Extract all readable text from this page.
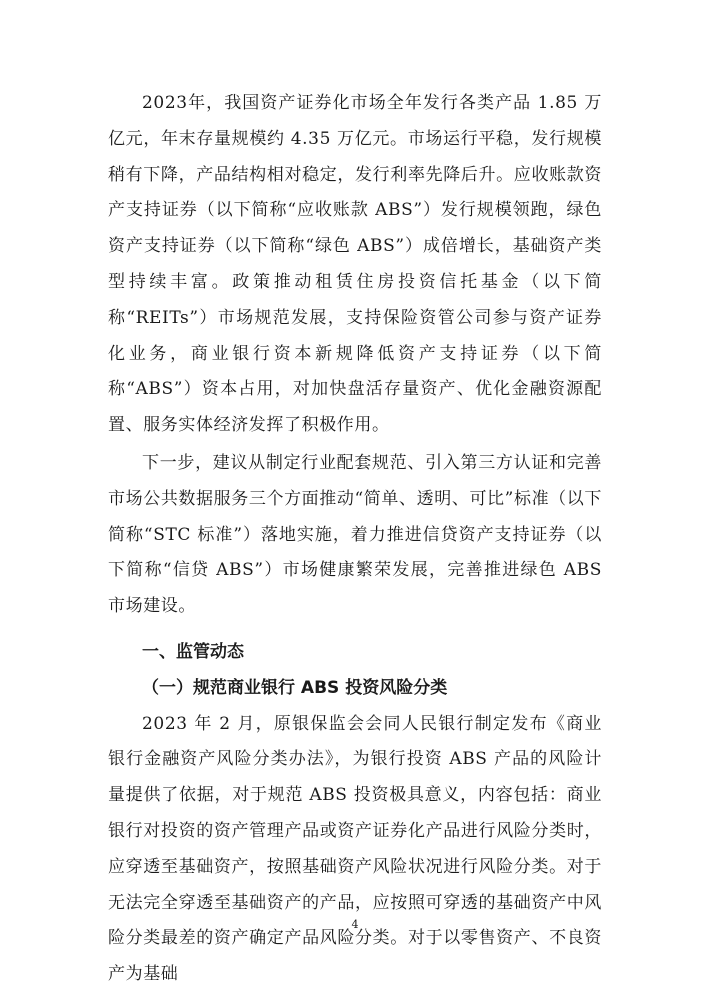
2023年，我国资产证券化市场全年发行各类产品 1.85 万亿元，年末存量规模约 4.35 万亿元。市场运行平稳，发行规模稍有下降，产品结构相对稳定，发行利率先降后升。应收账款资产支持证券（以下简称“应收账款 ABS”）发行规模领跑，绿色资产支持证券（以下简称“绿色 ABS”）成倍增长，基础资产类型持续丰富。政策推动租赁住房投资信托基金（以下简称“REITs”）市场规范发展，支持保险资管公司参与资产证券化业务，商业银行资本新规降低资产支持证券（以下简称“ABS”）资本占用，对加快盘活存量资产、优化金融资源配置、服务实体经济发挥了积极作用。

下一步，建议从制定行业配套规范、引入第三方认证和完善市场公共数据服务三个方面推动“简单、透明、可比”标准（以下简称“STC 标准”）落地实施，着力推进信贷资产支持证券（以下简称“信贷 ABS”）市场健康繁荣发展，完善推进绿色 ABS 市场建设。

一、监管动态

（一）规范商业银行 ABS 投资风险分类

2023 年 2 月，原银保监会会同人民银行制定发布《商业银行金融资产风险分类办法》，为银行投资 ABS 产品的风险计量提供了依据，对于规范 ABS 投资极具意义，内容包括：商业银行对投资的资产管理产品或资产证券化产品进行风险分类时，应穿透至基础资产，按照基础资产风险状况进行风险分类。对于无法完全穿透至基础资产的产品，应按照可穿透的基础资产中风险分类最差的资产确定产品风险分类。对于以零售资产、不良资产为基础

4
